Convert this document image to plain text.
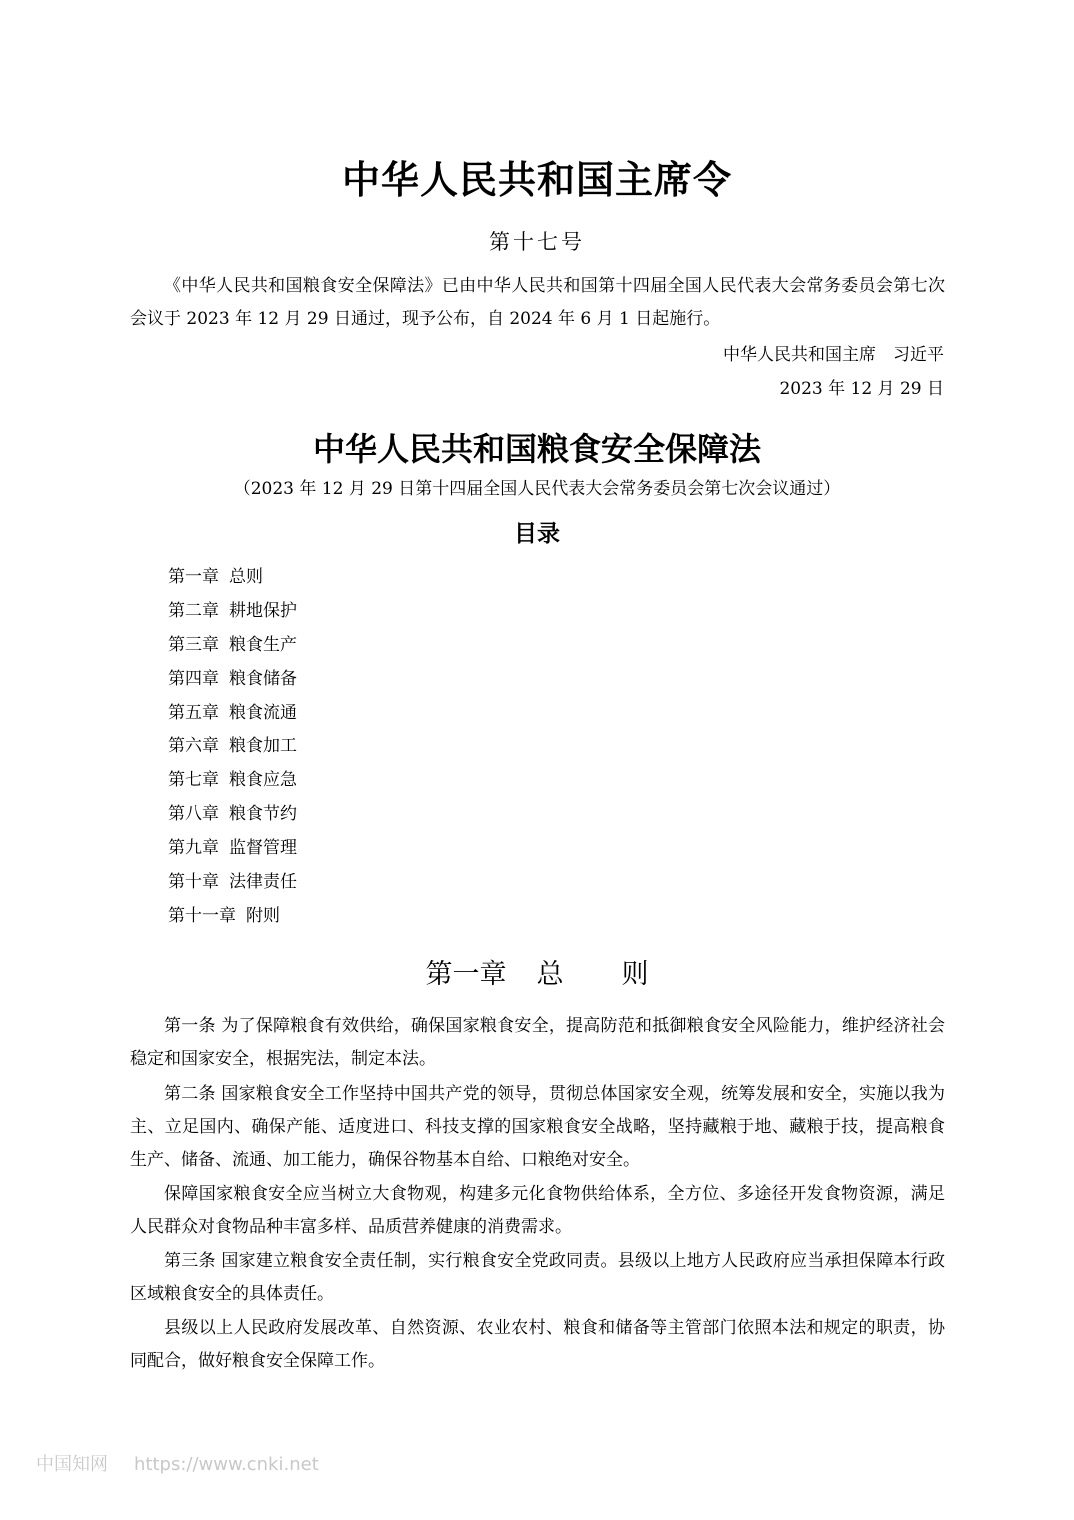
中华人民共和国主席令
第十七号
《中华人民共和国粮食安全保障法》已由中华人民共和国第十四届全国人民代表大会常务委员会第七次会议于 2023 年 12 月 29 日通过，现予公布，自 2024 年 6 月 1 日起施行。
中华人民共和国主席　习近平
2023 年 12 月 29 日
中华人民共和国粮食安全保障法
（2023 年 12 月 29 日第十四届全国人民代表大会常务委员会第七次会议通过）
目录
第一章 总则
第二章 耕地保护
第三章 粮食生产
第四章 粮食储备
第五章 粮食流通
第六章 粮食加工
第七章 粮食应急
第八章 粮食节约
第九章 监督管理
第十章 法律责任
第十一章 附则
第一章 总 则
第一条 为了保障粮食有效供给，确保国家粮食安全，提高防范和抵御粮食安全风险能力，维护经济社会稳定和国家安全，根据宪法，制定本法。
第二条 国家粮食安全工作坚持中国共产党的领导，贯彻总体国家安全观，统筹发展和安全，实施以我为主、立足国内、确保产能、适度进口、科技支撑的国家粮食安全战略，坚持藏粮于地、藏粮于技，提高粮食生产、储备、流通、加工能力，确保谷物基本自给、口粮绝对安全。
保障国家粮食安全应当树立大食物观，构建多元化食物供给体系，全方位、多途径开发食物资源，满足人民群众对食物品种丰富多样、品质营养健康的消费需求。
第三条 国家建立粮食安全责任制，实行粮食安全党政同责。县级以上地方人民政府应当承担保障本行政区域粮食安全的具体责任。
县级以上人民政府发展改革、自然资源、农业农村、粮食和储备等主管部门依照本法和规定的职责，协同配合，做好粮食安全保障工作。
中国知网 https://www.cnki.net
